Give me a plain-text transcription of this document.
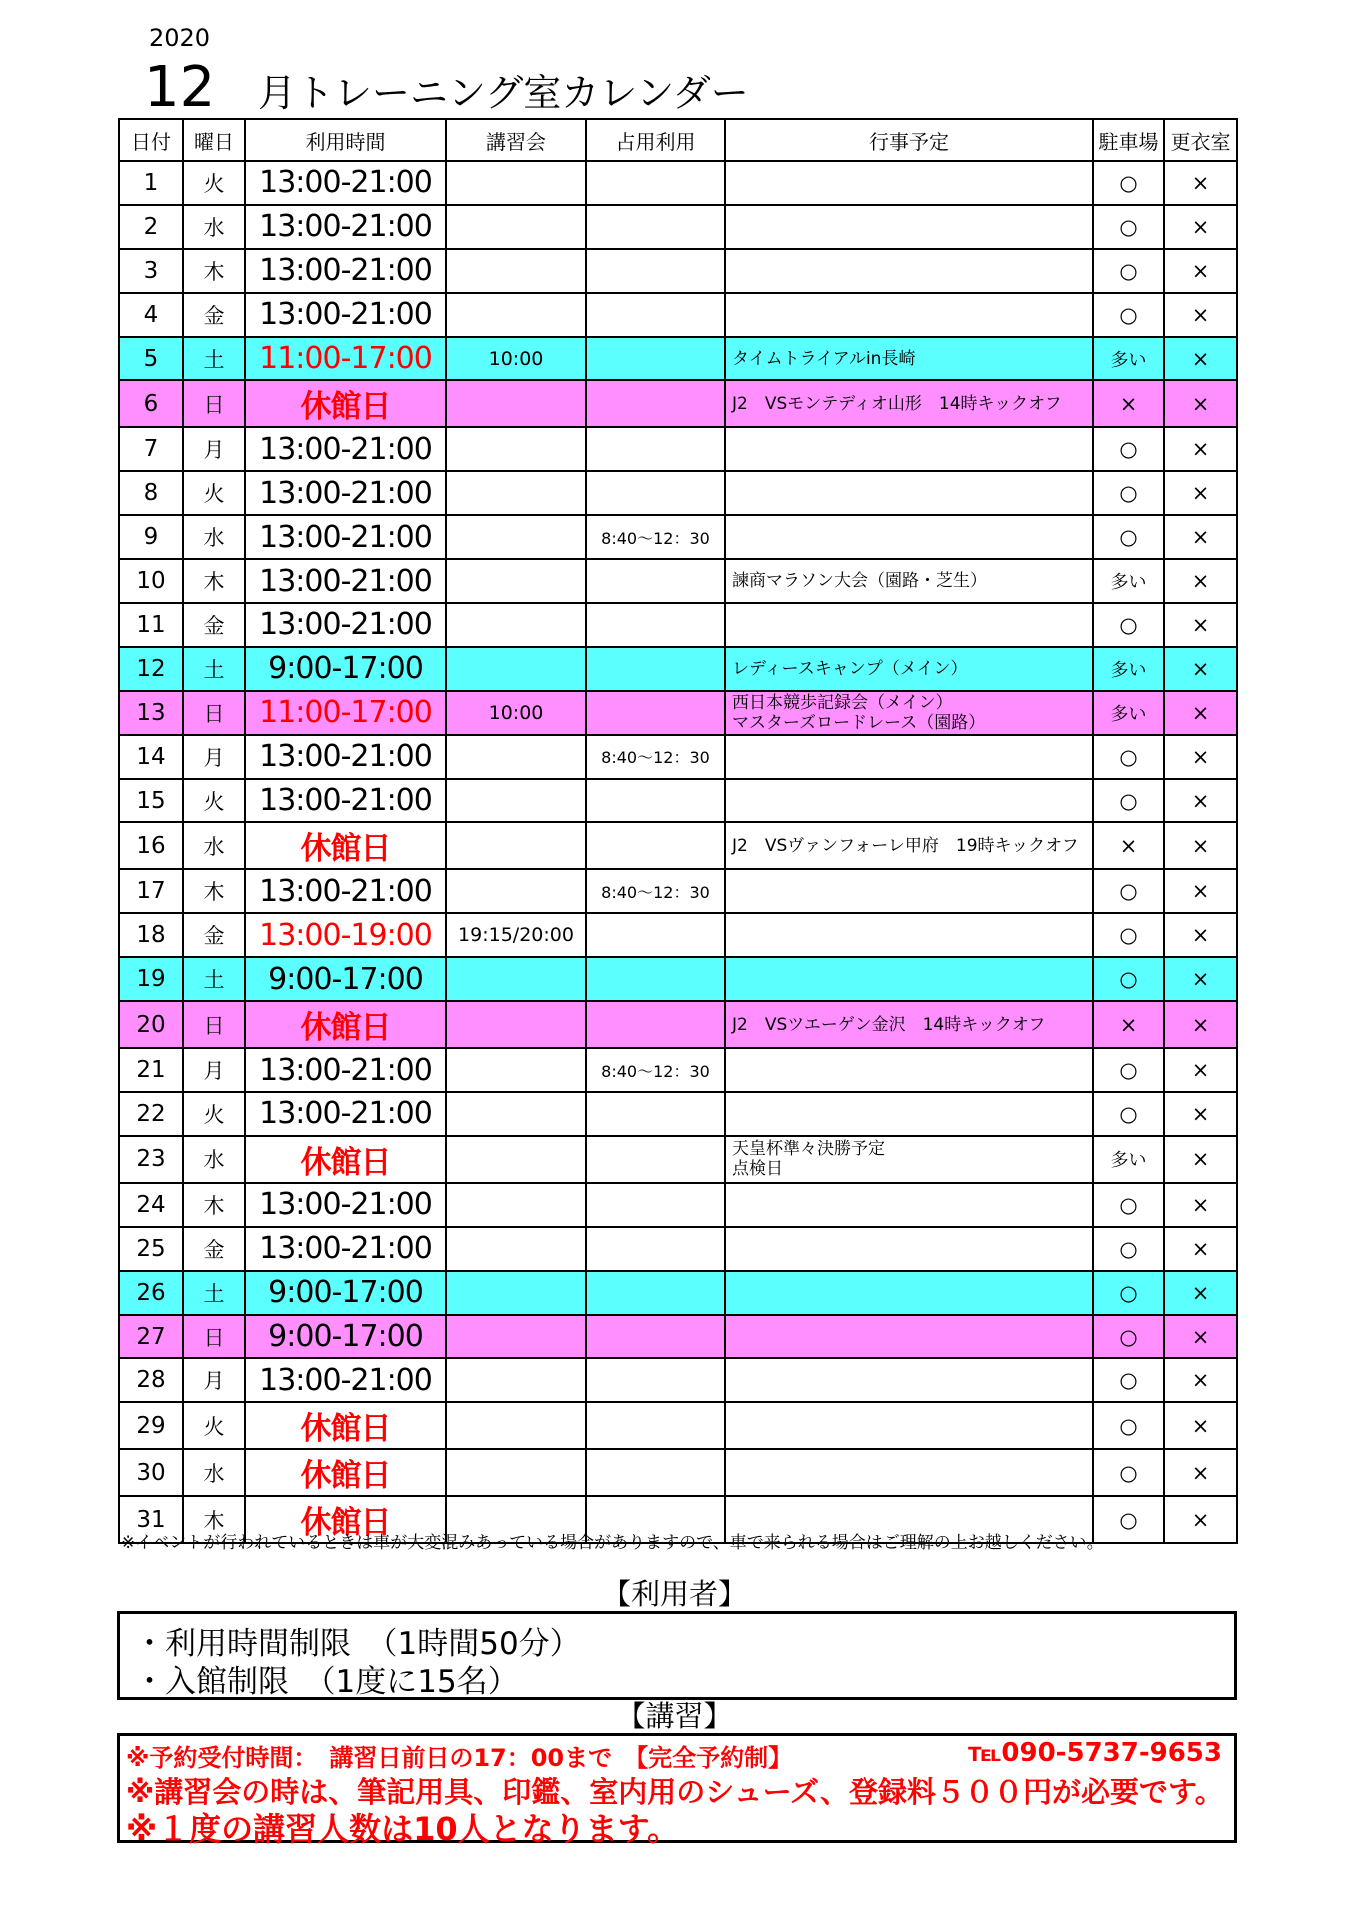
2020
12 月トレーニング室カレンダー
日付	曜日	利用時間	講習会	占用利用	行事予定	駐車場	更衣室
1	火	13:00-21:00				○	×
2	水	13:00-21:00				○	×
3	木	13:00-21:00				○	×
4	金	13:00-21:00				○	×
5	土	11:00-17:00	10:00		タイムトライアルin長崎	多い	×
6	日	休館日			J2　VSモンテディオ山形　14時キックオフ	×	×
7	月	13:00-21:00				○	×
8	火	13:00-21:00				○	×
9	水	13:00-21:00		8:40～12：30		○	×
10	木	13:00-21:00			諫商マラソン大会（園路・芝生）	多い	×
11	金	13:00-21:00				○	×
12	土	9:00-17:00			レディースキャンプ（メイン）	多い	×
13	日	11:00-17:00	10:00		西日本競歩記録会（メイン）
マスターズロードレース（園路）	多い	×
14	月	13:00-21:00		8:40～12：30		○	×
15	火	13:00-21:00				○	×
16	水	休館日			J2　VSヴァンフォーレ甲府　19時キックオフ	×	×
17	木	13:00-21:00		8:40～12：30		○	×
18	金	13:00-19:00	19:15/20:00			○	×
19	土	9:00-17:00				○	×
20	日	休館日			J2　VSツエーゲン金沢　14時キックオフ	×	×
21	月	13:00-21:00		8:40～12：30		○	×
22	火	13:00-21:00				○	×
23	水	休館日			天皇杯準々決勝予定
点検日	多い	×
24	木	13:00-21:00				○	×
25	金	13:00-21:00				○	×
26	土	9:00-17:00				○	×
27	日	9:00-17:00				○	×
28	月	13:00-21:00				○	×
29	火	休館日				○	×
30	水	休館日				○	×
31	木	休館日				○	×
※イベントが行われているときは車が大変混みあっている場合がありますので、車で来られる場合はご理解の上お越しください。
【利用者】
・利用時間制限　（1時間50分）
・入館制限　（1度に15名）
【講習】
※予約受付時間：　講習日前日の17：00まで　【完全予約制】	℡090-5737-9653
※講習会の時は、筆記用具、印鑑、室内用のシューズ、登録料５００円が必要です。
※１度の講習人数は10人となります。
